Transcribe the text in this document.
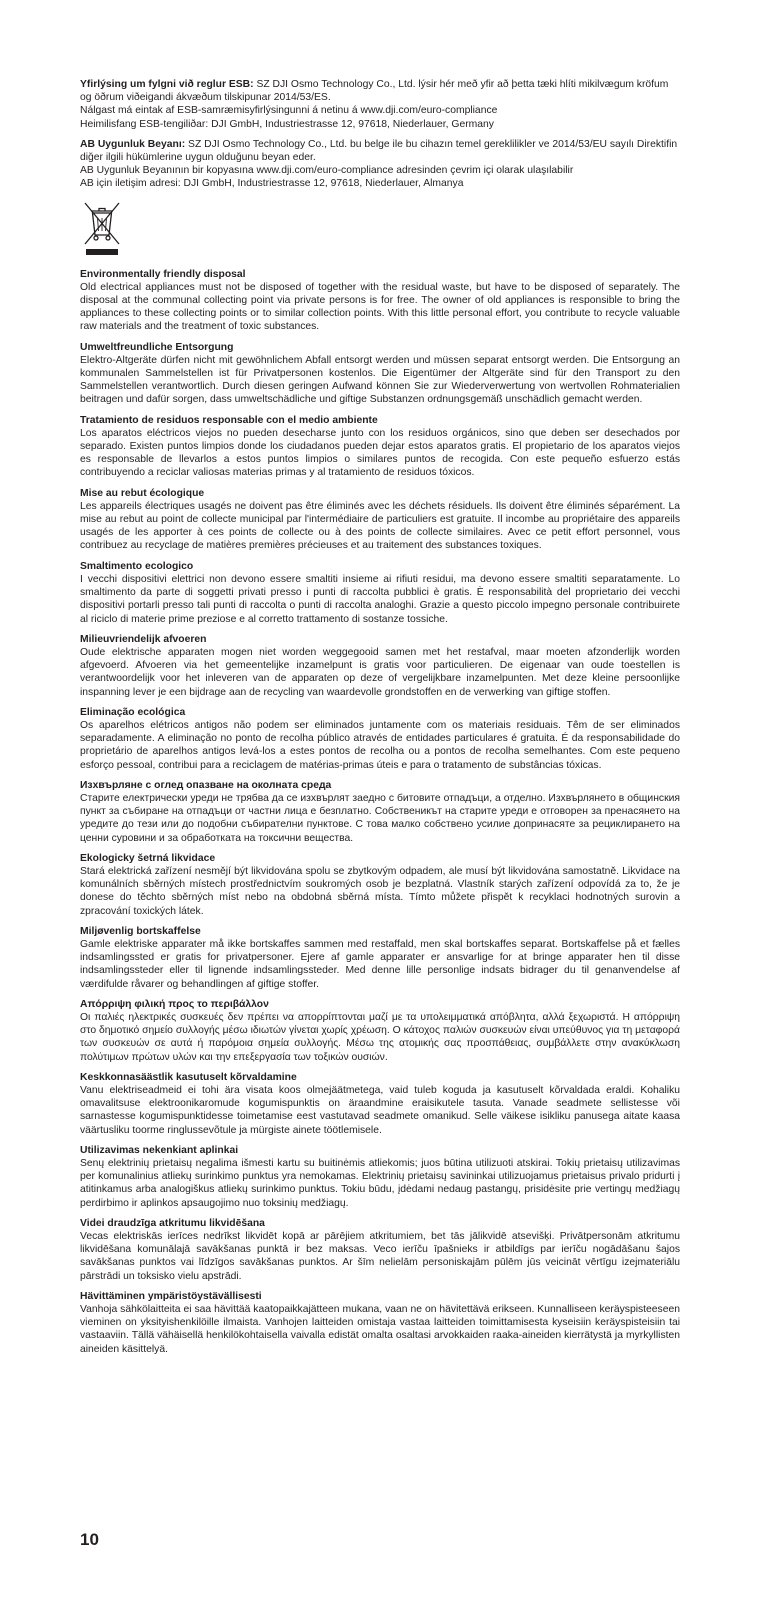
Yfirlýsing um fylgni við reglur ESB: SZ DJI Osmo Technology Co., Ltd. lýsir hér með yfir að þetta tæki hlíti mikilvægum kröfum og öðrum viðeigandi ákvæðum tilskipunar 2014/53/ES.

Nálgast má eintak af ESB-samræmisyfirlýsingunni á netinu á www.dji.com/euro-compliance

Heimilisfang ESB-tengiliðar: DJI GmbH, Industriestrasse 12, 97618, Niederlauer, Germany

AB Uygunluk Beyanı: SZ DJI Osmo Technology Co., Ltd. bu belge ile bu cihazın temel gereklilikler ve 2014/53/EU sayılı Direktifin diğer ilgili hükümlerine uygun olduğunu beyan eder.

AB Uygunluk Beyanının bir kopyasına www.dji.com/euro-compliance adresinden çevrim içi olarak ulaşılabilir

AB için iletişim adresi: DJI GmbH, Industriestrasse 12, 97618, Niederlauer, Almanya

Environmentally friendly disposal

Old electrical appliances must not be disposed of together with the residual waste, but have to be disposed of separately. The disposal at the communal collecting point via private persons is for free. The owner of old appliances is responsible to bring the appliances to these collecting points or to similar collection points. With this little personal effort, you contribute to recycle valuable raw materials and the treatment of toxic substances.

Umweltfreundliche Entsorgung

Elektro-Altgeräte dürfen nicht mit gewöhnlichem Abfall entsorgt werden und müssen separat entsorgt werden. Die Entsorgung an kommunalen Sammelstellen ist für Privatpersonen kostenlos. Die Eigentümer der Altgeräte sind für den Transport zu den Sammelstellen verantwortlich. Durch diesen geringen Aufwand können Sie zur Wiederverwertung von wertvollen Rohmaterialien beitragen und dafür sorgen, dass umweltschädliche und giftige Substanzen ordnungsgemäß unschädlich gemacht werden.

Tratamiento de residuos responsable con el medio ambiente

Los aparatos eléctricos viejos no pueden desecharse junto con los residuos orgánicos, sino que deben ser desechados por separado. Existen puntos limpios donde los ciudadanos pueden dejar estos aparatos gratis. El propietario de los aparatos viejos es responsable de llevarlos a estos puntos limpios o similares puntos de recogida. Con este pequeño esfuerzo estás contribuyendo a reciclar valiosas materias primas y al tratamiento de residuos tóxicos.

Mise au rebut écologique

Les appareils électriques usagés ne doivent pas être éliminés avec les déchets résiduels. Ils doivent être éliminés séparément. La mise au rebut au point de collecte municipal par l'intermédiaire de particuliers est gratuite. Il incombe au propriétaire des appareils usagés de les apporter à ces points de collecte ou à des points de collecte similaires. Avec ce petit effort personnel, vous contribuez au recyclage de matières premières précieuses et au traitement des substances toxiques.

Smaltimento ecologico

I vecchi dispositivi elettrici non devono essere smaltiti insieme ai rifiuti residui, ma devono essere smaltiti separatamente. Lo smaltimento da parte di soggetti privati presso i punti di raccolta pubblici è gratis. È responsabilità del proprietario dei vecchi dispositivi portarli presso tali punti di raccolta o punti di raccolta analoghi. Grazie a questo piccolo impegno personale contribuirete al riciclo di materie prime preziose e al corretto trattamento di sostanze tossiche.

Milieuvriendelijk afvoeren

Oude elektrische apparaten mogen niet worden weggegooid samen met het restafval, maar moeten afzonderlijk worden afgevoerd. Afvoeren via het gemeentelijke inzamelpunt is gratis voor particulieren. De eigenaar van oude toestellen is verantwoordelijk voor het inleveren van de apparaten op deze of vergelijkbare inzamelpunten. Met deze kleine persoonlijke inspanning lever je een bijdrage aan de recycling van waardevolle grondstoffen en de verwerking van giftige stoffen.

Eliminação ecológica

Os aparelhos elétricos antigos não podem ser eliminados juntamente com os materiais residuais. Têm de ser eliminados separadamente. A eliminação no ponto de recolha público através de entidades particulares é gratuita. É da responsabilidade do proprietário de aparelhos antigos levá-los a estes pontos de recolha ou a pontos de recolha semelhantes. Com este pequeno esforço pessoal, contribui para a reciclagem de matérias-primas úteis e para o tratamento de substâncias tóxicas.

Изхвърляне с оглед опазване на околната среда

Старите електрически уреди не трябва да се изхвърлят заедно с битовите отпадъци, а отделно. Изхвърлянето в общинския пункт за събиране на отпадъци от частни лица е безплатно. Собственикът на старите уреди е отговорен за пренасянето на уредите до тези или до подобни събирателни пунктове. С това малко собствено усилие допринасяте за рециклирането на ценни суровини и за обработката на токсични вещества.

Ekologicky šetrná likvidace

Stará elektrická zařízení nesmějí být likvidována spolu se zbytkovým odpadem, ale musí být likvidována samostatně. Likvidace na komunálních sběrných místech prostřednictvím soukromých osob je bezplatná. Vlastník starých zařízení odpovídá za to, že je donese do těchto sběrných míst nebo na obdobná sběrná místa. Tímto můžete přispět k recyklaci hodnotných surovin a zpracování toxických látek.

Miljøvenlig bortskaffelse

Gamle elektriske apparater må ikke bortskaffes sammen med restaffald, men skal bortskaffes separat. Bortskaffelse på et fælles indsamlingssted er gratis for privatpersoner. Ejere af gamle apparater er ansvarlige for at bringe apparater hen til disse indsamlingssteder eller til lignende indsamlingssteder. Med denne lille personlige indsats bidrager du til genanvendelse af værdifulde råvarer og behandlingen af giftige stoffer.

Απόρριψη φιλική προς το περιβάλλον

Οι παλιές ηλεκτρικές συσκευές δεν πρέπει να απορρίπτονται μαζί με τα υπολειμματικά απόβλητα, αλλά ξεχωριστά. Η απόρριψη στο δημοτικό σημείο συλλογής μέσω ιδιωτών γίνεται χωρίς χρέωση. Ο κάτοχος παλιών συσκευών είναι υπεύθυνος για τη μεταφορά των συσκευών σε αυτά ή παρόμοια σημεία συλλογής. Μέσω της ατομικής σας προσπάθειας, συμβάλλετε στην ανακύκλωση πολύτιμων πρώτων υλών και την επεξεργασία των τοξικών ουσιών.

Keskkonnasäästlik kasutuselt kõrvaldamine

Vanu elektriseadmeid ei tohi ära visata koos olmejäätmetega, vaid tuleb koguda ja kasutuselt kõrvaldada eraldi. Kohaliku omavalitsuse elektroonikaromude kogumispunktis on äraandmine eraisikutele tasuta. Vanade seadmete sellistesse või sarnastesse kogumispunktidesse toimetamise eest vastutavad seadmete omanikud. Selle väikese isikliku panusega aitate kaasa väärtusliku toorme ringlussevõtule ja mürgiste ainete töötlemisele.

Utilizavimas nekenkiant aplinkai

Senų elektrinių prietaisų negalima išmesti kartu su buitinėmis atliekomis; juos būtina utilizuoti atskirai. Tokių prietaisų utilizavimas per komunalinius atliekų surinkimo punktus yra nemokamas. Elektrinių prietaisų savininkai utilizuojamus prietaisus privalo pridurti į atitinkamus arba analogiškus atliekų surinkimo punktus. Tokiu būdu, įdėdami nedaug pastangų, prisidėsite prie vertingų medžiagų perdirbimo ir aplinkos apsaugojimo nuo toksinių medžiagų.

Videi draudzīga atkritumu likvidēšana

Vecas elektriskās ierīces nedrīkst likvidēt kopā ar pārējiem atkritumiem, bet tās jālikvidē atsevišķi. Privātpersonām atkritumu likvidēšana komunālajā savākšanas punktā ir bez maksas. Veco ierīču īpašnieks ir atbildīgs par ierīču nogādāšanu šajos savākšanas punktos vai līdzīgos savākšanas punktos. Ar šīm nelielām personiskajām pūlēm jūs veicināt vērtīgu izejmateriālu pārstrādi un toksisko vielu apstrādi.

Hävittäminen ympäristöystävällisesti

Vanhoja sähkölaitteita ei saa hävittää kaatopaikkajätteen mukana, vaan ne on hävitettävä erikseen. Kunnalliseen keräyspisteeseen vieminen on yksityishenkilöille ilmaista. Vanhojen laitteiden omistaja vastaa laitteiden toimittamisesta kyseisiin keräyspisteisiin tai vastaaviin. Tällä vähäisellä henkilökohtaisella vaivalla edistät omalta osaltasi arvokkaiden raaka-aineiden kierrätystä ja myrkyllisten aineiden käsittelyä.

10
